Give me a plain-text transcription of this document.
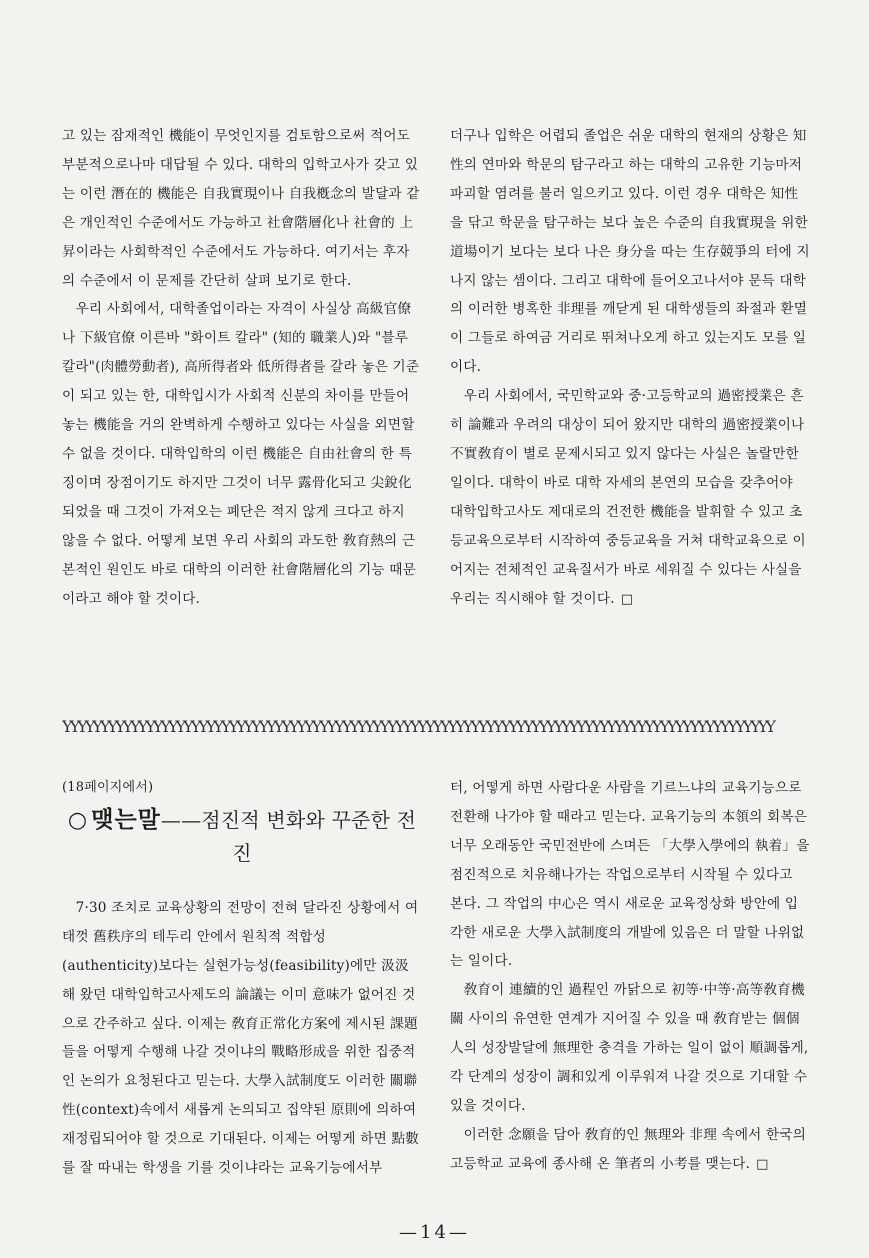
고 있는 잠재적인 機能이 무엇인지를 검토함으로써 적어도 부분적으로나마 대답될 수 있다. 대학의 입학고사가 갖고 있는 이런 潛在的 機能은 自我實現이나 自我槪念의 발달과 같은 개인적인 수준에서도 가능하고 社會階層化나 社會的 上昇이라는 사회학적인 수준에서도 가능하다. 여기서는 후자의 수준에서 이 문제를 간단히 살펴 보기로 한다.

우리 사회에서, 대학졸업이라는 자격이 사실상 高級官僚나 下級官僚 이른바 "화이트 칼라" (知的 職業人)와 "블루 칼라"(肉體勞動者), 高所得者와 低所得者를 갈라 놓은 기준이 되고 있는 한, 대학입시가 사회적 신분의 차이를 만들어 놓는 機能을 거의 완벽하게 수행하고 있다는 사실을 외면할 수 없을 것이다. 대학입학의 이런 機能은 自由社會의 한 특징이며 장점이기도 하지만 그것이 너무 露骨化되고 尖銳化되었을 때 그것이 가져오는 폐단은 적지 않게 크다고 하지 않을 수 없다. 어떻게 보면 우리 사회의 과도한 敎育熱의 근본적인 원인도 바로 대학의 이러한 社會階層化의 기능 때문이라고 해야 할 것이다.

더구나 입학은 어렵되 졸업은 쉬운 대학의 현재의 상황은 知性의 연마와 학문의 탐구라고 하는 대학의 고유한 기능마저 파괴할 염려를 불러 일으키고 있다. 이런 경우 대학은 知性을 닦고 학문을 탐구하는 보다 높은 수준의 自我實現을 위한 道場이기 보다는 보다 나은 身分을 따는 生存競爭의 터에 지나지 않는 셈이다. 그리고 대학에 들어오고나서야 문득 대학의 이러한 병혹한 非理를 깨닫게 된 대학생들의 좌절과 환멸이 그들로 하여금 거리로 뛰쳐나오게 하고 있는지도 모를 일이다.

우리 사회에서, 국민학교와 중·고등학교의 過密授業은 흔히 論難과 우려의 대상이 되어 왔지만 대학의 過密授業이나 不實敎育이 별로 문제시되고 있지 않다는 사실은 놀랄만한 일이다. 대학이 바로 대학 자세의 본연의 모습을 갖추어야 대학입학고사도 제대로의 건전한 機能을 발휘할 수 있고 초등교육으로부터 시작하여 중등교육을 거쳐 대학교육으로 이어지는 전체적인 교육질서가 바로 세워질 수 있다는 사실을 우리는 직시해야 할 것이다. □

ΥΥΥΥΥΥΥΥΥΥΥΥΥΥΥΥΥΥΥΥΥΥΥΥΥΥΥΥΥΥΥΥΥΥΥΥΥΥΥΥΥΥΥΥΥΥΥΥΥΥΥΥΥΥΥΥΥΥΥΥΥΥΥΥΥΥΥΥΥΥΥΥΥΥΥΥΥΥΥΥΥΥΥΥΥΥΥΥΥΥΥΥΥΥ

(18페이지에서)

○ 맺는말——점진적 변화와 꾸준한 전진

7·30 조치로 교육상황의 전망이 전혀 달라진 상황에서 여태껏 舊秩序의 테두리 안에서 원칙적 적합성(authenticity)보다는 실현가능성(feasibility)에만 汲汲해 왔던 대학입학고사제도의 論議는 이미 意味가 없어진 것으로 간주하고 싶다. 이제는 敎育正常化方案에 제시된 課題들을 어떻게 수행해 나갈 것이냐의 戰略形成을 위한 집중적인 논의가 요청된다고 믿는다. 大學入試制度도 이러한 關聯性(context)속에서 새롭게 논의되고 집약된 原則에 의하여 재정립되어야 할 것으로 기대된다. 이제는 어떻게 하면 點數를 잘 따내는 학생을 기를 것이냐라는 교육기능에서부

터, 어떻게 하면 사람다운 사람을 기르느냐의 교육기능으로 전환해 나가야 할 때라고 믿는다. 교육기능의 本領의 회복은 너무 오래동안 국민전반에 스며든 「大學入學에의 執着」을 점진적으로 치유해나가는 작업으로부터 시작될 수 있다고 본다. 그 작업의 中心은 역시 새로운 교육정상화 방안에 입각한 새로운 大學入試制度의 개발에 있음은 더 말할 나위없는 일이다.

敎育이 連續的인 過程인 까닭으로 初等·中等·高等敎育機關 사이의 유연한 연계가 지어질 수 있을 때 敎育받는 個個人의 성장발달에 無理한 충격을 가하는 일이 없이 順調롭게, 각 단계의 성장이 調和있게 이루워져 나갈 것으로 기대할 수 있을 것이다.

이러한 念願을 담아 敎育的인 無理와 非理 속에서 한국의 고등학교 교육에 종사해 온 筆者의 小考를 맺는다. □

—14—
